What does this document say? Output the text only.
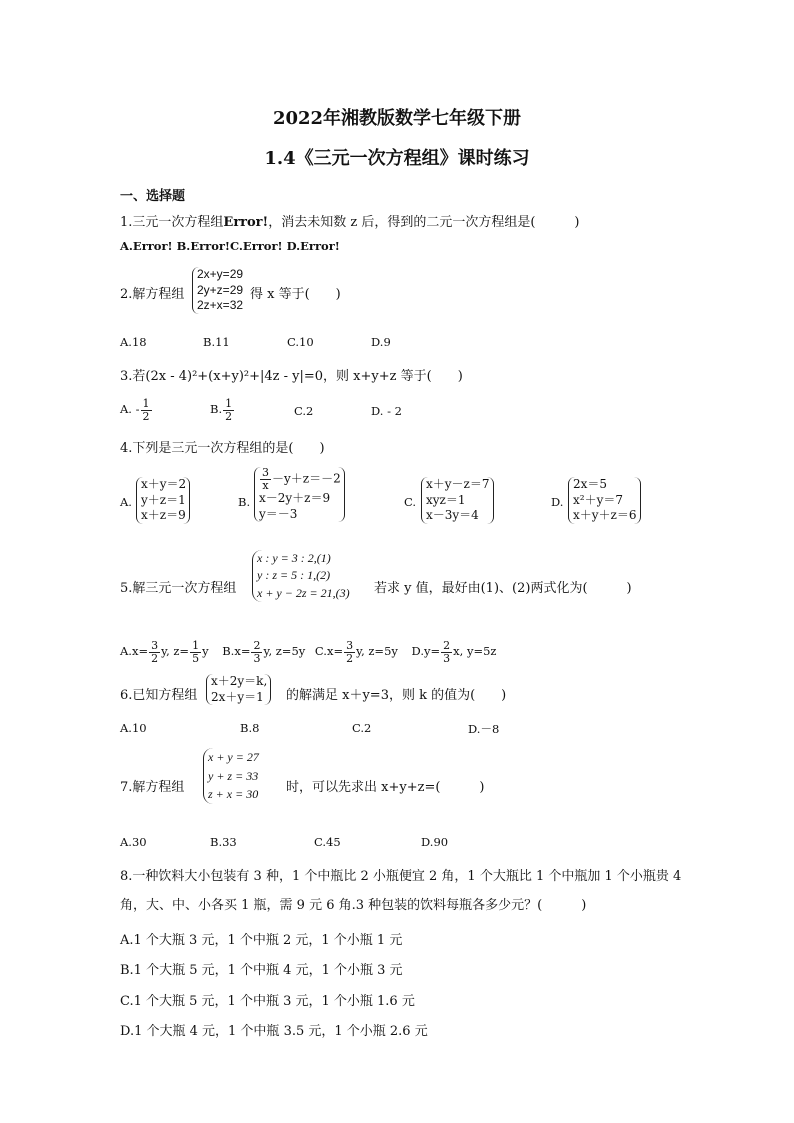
2022年湘教版数学七年级下册
1.4《三元一次方程组》课时练习
一、选择题
1.三元一次方程组Error!，消去未知数 z 后，得到的二元一次方程组是(　　　)
A.Error! B.Error!C.Error! D.Error!
2.解方程组
2x+y=29
2y+z=29
2z+x=32
得 x 等于(　　)
A.18	B.11	C.10	D.9
3.若(2x - 4)²+(x+y)²+|4z - y|=0，则 x+y+z 等于(　　)
A. - $\frac{1}{2}$	B. $\frac{1}{2}$	C.2	D. - 2
4.下列是三元一次方程组的是(　　)
A.
x＋y＝2
y＋z＝1
x＋z＝9
B.
$\frac{3}{x} -y+z=-2$
x－2y＋z＝9
y＝－3
C.
x＋y－z＝7
xyz＝1
x－3y＝4
D.
2x＝5
x²＋y＝7
x＋y＋z＝6
5.解三元一次方程组
x : y = 3 : 2,(1)
y : z = 5 : 1,(2)
x + y − 2z = 21,(3) 若求 y 值，最好由(1)、(2)两式化为(　　　)
$A.x= \frac{3}{2} y$, $z= \frac{1}{5}$ y $B.x= \frac{2}{3} y$, z=5y $C.x= \frac{3}{2} y$, z=5y $D.y= \frac{2}{3} x$, y=5z
6.已知方程组
x＋2y＝k,
2x＋y＝1 的解满足 x＋y=3，则 k 的值为(　　)
A.10	B.8	C.2	D.－8
7.解方程组
x + y = 27
y + z = 33
z + x = 30 时，可以先求出 x+y+z=(　　　)
A.30	B.33	C.45	D.90
8.一种饮料大小包装有 3 种，1 个中瓶比 2 小瓶便宜 2 角，1 个大瓶比 1 个中瓶加 1 个小瓶贵 4
角，大、中、小各买 1 瓶，需 9 元 6 角.3 种包装的饮料每瓶各多少元？(　　　)
A.1 个大瓶 3 元，1 个中瓶 2 元，1 个小瓶 1 元
B.1 个大瓶 5 元，1 个中瓶 4 元，1 个小瓶 3 元
C.1 个大瓶 5 元，1 个中瓶 3 元，1 个小瓶 1.6 元
D.1 个大瓶 4 元，1 个中瓶 3.5 元，1 个小瓶 2.6 元
